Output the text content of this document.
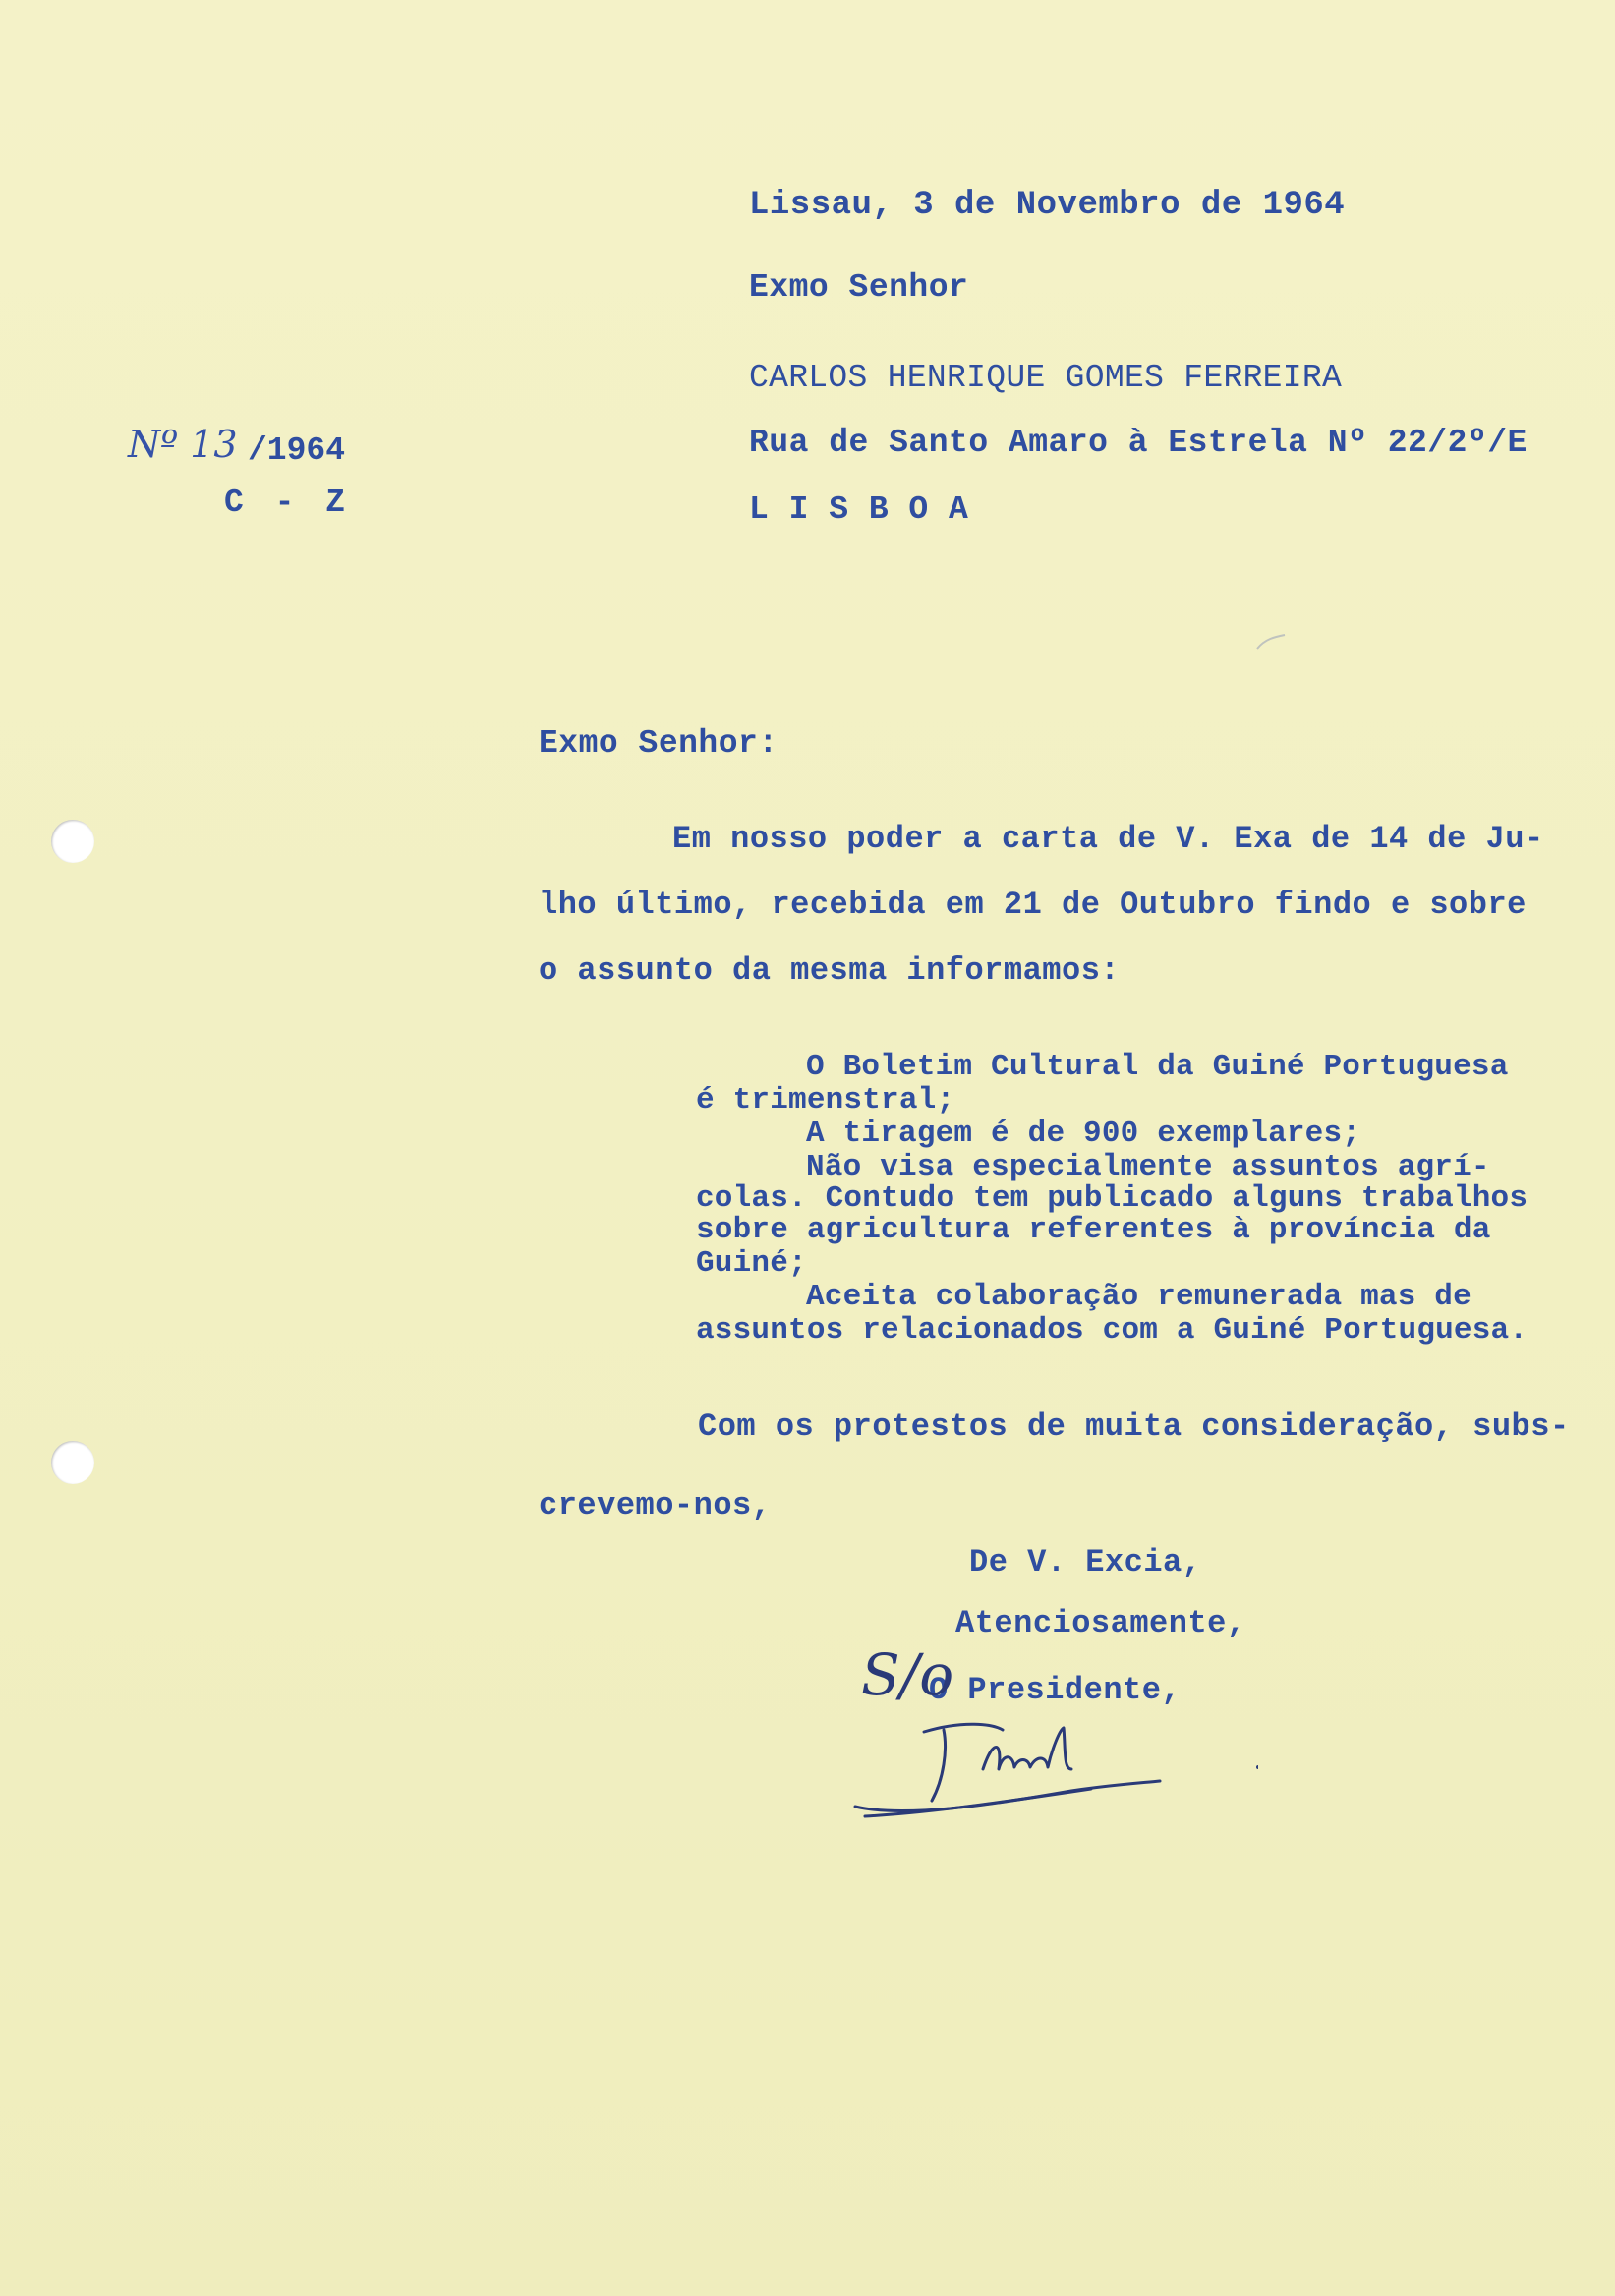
Lissau, 3 de Novembro de 1964
Exmo Senhor
CARLOS HENRIQUE GOMES FERREIRA
Rua de Santo Amaro à Estrela Nº 22/2º/E
L I S B O A
Nº 13 /1964
C - Z
Exmo Senhor:
Em nosso poder a carta de V. Exa de 14 de Ju-
lho último, recebida em 21 de Outubro findo e sobre
o assunto da mesma informamos:
O Boletim Cultural da Guiné Portuguesa
é trimenstral;
A tiragem é de 900 exemplares;
Não visa especialmente assuntos agrí-
colas. Contudo tem publicado alguns trabalhos
sobre agricultura referentes à província da
Guiné;
Aceita colaboração remunerada mas de
assuntos relacionados com a Guiné Portuguesa.
Com os protestos de muita consideração, subs-
crevemo-nos,
De V. Excia,
Atenciosamente,
O Presidente,
S/o
